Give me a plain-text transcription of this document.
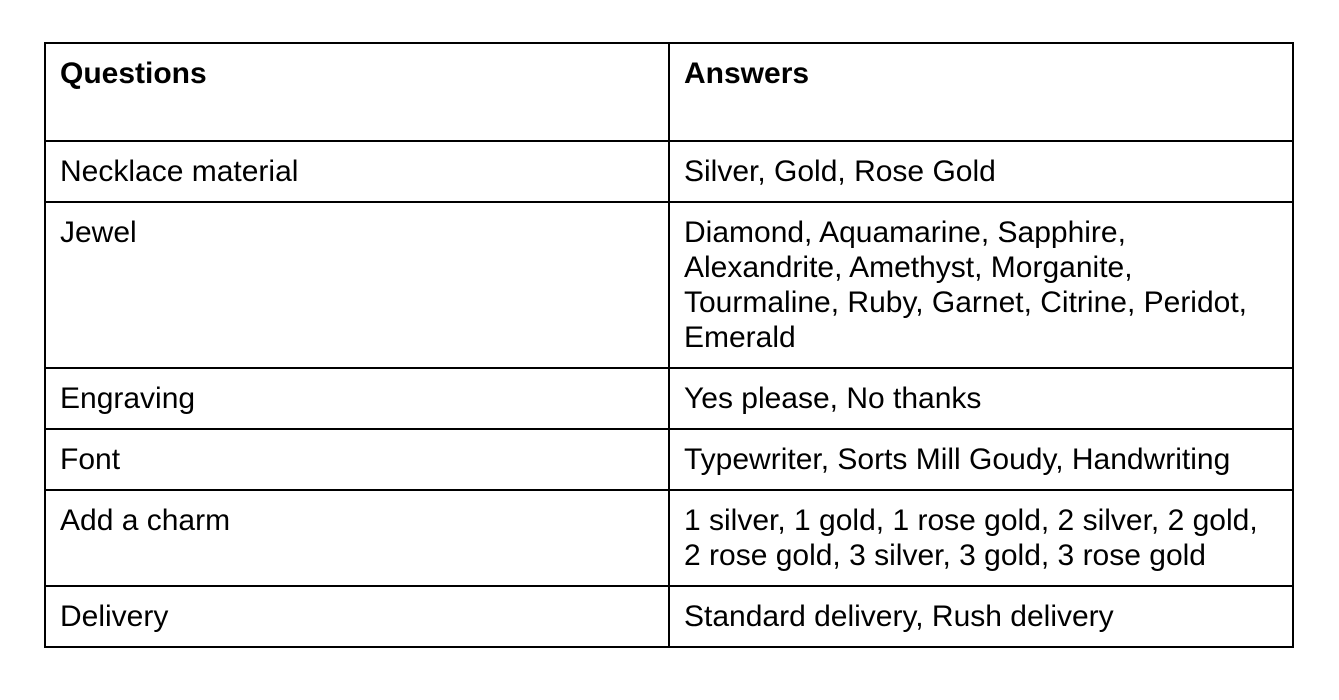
Questions	Answers
Necklace material	Silver, Gold, Rose Gold
Jewel	Diamond, Aquamarine, Sapphire, Alexandrite, Amethyst, Morganite, Tourmaline, Ruby, Garnet, Citrine, Peridot, Emerald
Engraving	Yes please, No thanks
Font	Typewriter, Sorts Mill Goudy, Handwriting
Add a charm	1 silver, 1 gold, 1 rose gold, 2 silver, 2 gold, 2 rose gold, 3 silver, 3 gold, 3 rose gold
Delivery	Standard delivery, Rush delivery
